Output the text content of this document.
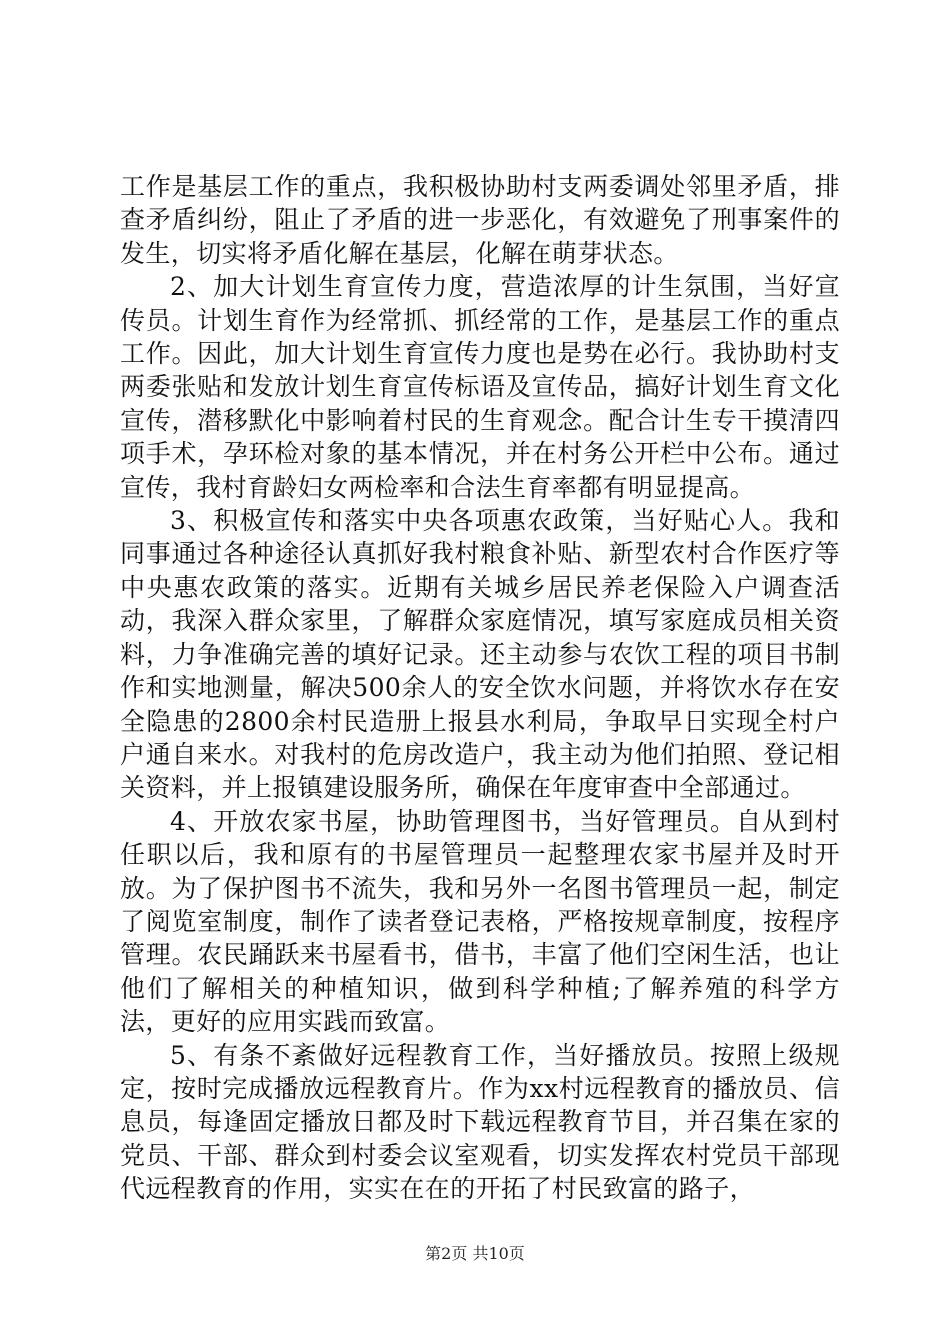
工作是基层工作的重点，我积极协助村支两委调处邻里矛盾，排查矛盾纠纷，阻止了矛盾的进一步恶化，有效避免了刑事案件的发生，切实将矛盾化解在基层，化解在萌芽状态。

2、加大计划生育宣传力度，营造浓厚的计生氛围，当好宣传员。计划生育作为经常抓、抓经常的工作，是基层工作的重点工作。因此，加大计划生育宣传力度也是势在必行。我协助村支两委张贴和发放计划生育宣传标语及宣传品，搞好计划生育文化宣传，潜移默化中影响着村民的生育观念。配合计生专干摸清四项手术，孕环检对象的基本情况，并在村务公开栏中公布。通过宣传，我村育龄妇女两检率和合法生育率都有明显提高。

3、积极宣传和落实中央各项惠农政策，当好贴心人。我和同事通过各种途径认真抓好我村粮食补贴、新型农村合作医疗等中央惠农政策的落实。近期有关城乡居民养老保险入户调查活动，我深入群众家里，了解群众家庭情况，填写家庭成员相关资料，力争准确完善的填好记录。还主动参与农饮工程的项目书制作和实地测量，解决500余人的安全饮水问题，并将饮水存在安全隐患的2800余村民造册上报县水利局，争取早日实现全村户户通自来水。对我村的危房改造户，我主动为他们拍照、登记相关资料，并上报镇建设服务所，确保在年度审查中全部通过。

4、开放农家书屋，协助管理图书，当好管理员。自从到村任职以后，我和原有的书屋管理员一起整理农家书屋并及时开放。为了保护图书不流失，我和另外一名图书管理员一起，制定了阅览室制度，制作了读者登记表格，严格按规章制度，按程序管理。农民踊跃来书屋看书，借书，丰富了他们空闲生活，也让他们了解相关的种植知识，做到科学种植;了解养殖的科学方法，更好的应用实践而致富。

5、有条不紊做好远程教育工作，当好播放员。按照上级规定，按时完成播放远程教育片。作为xx村远程教育的播放员、信息员，每逢固定播放日都及时下载远程教育节目，并召集在家的党员、干部、群众到村委会议室观看，切实发挥农村党员干部现代远程教育的作用，实实在在的开拓了村民致富的路子，

第2页 共10页
